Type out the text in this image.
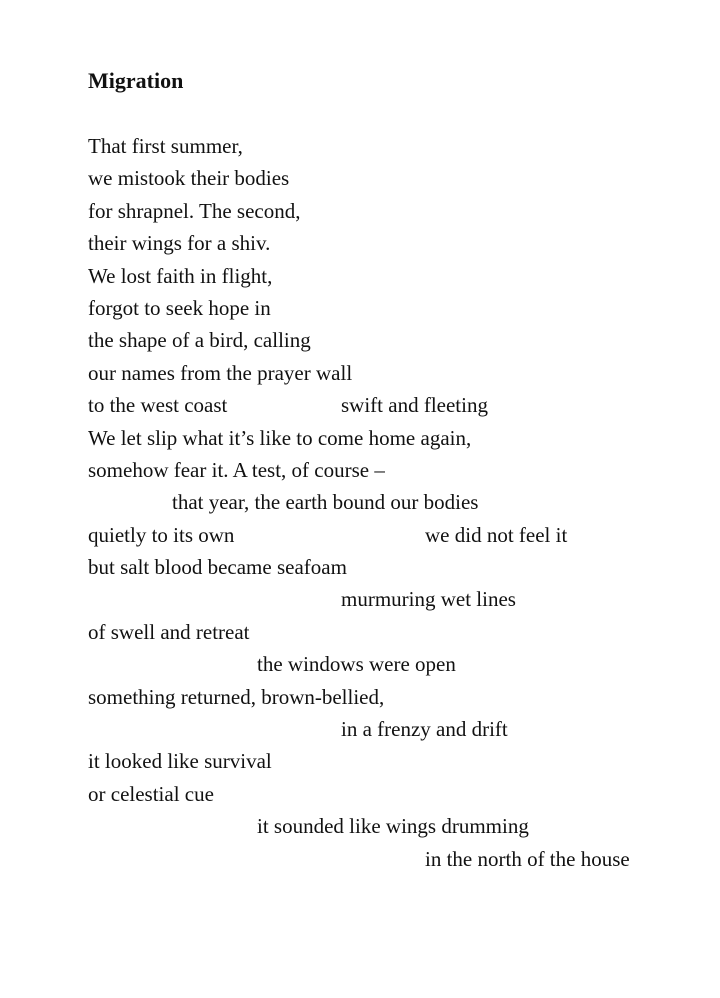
Migration
That first summer,
we mistook their bodies
for shrapnel. The second,
their wings for a shiv.
We lost faith in flight,
forgot to seek hope in
the shape of a bird, calling
our names from the prayer wall
to the west coast	swift and fleeting
We let slip what it’s like to come home again,
somehow fear it. A test, of course –
that year, the earth bound our bodies
quietly to its own	we did not feel it
but salt blood became seafoam
murmuring wet lines
of swell and retreat
the windows were open
something returned, brown-bellied,
in a frenzy and drift
it looked like survival
or celestial cue
it sounded like wings drumming
in the north of the house
